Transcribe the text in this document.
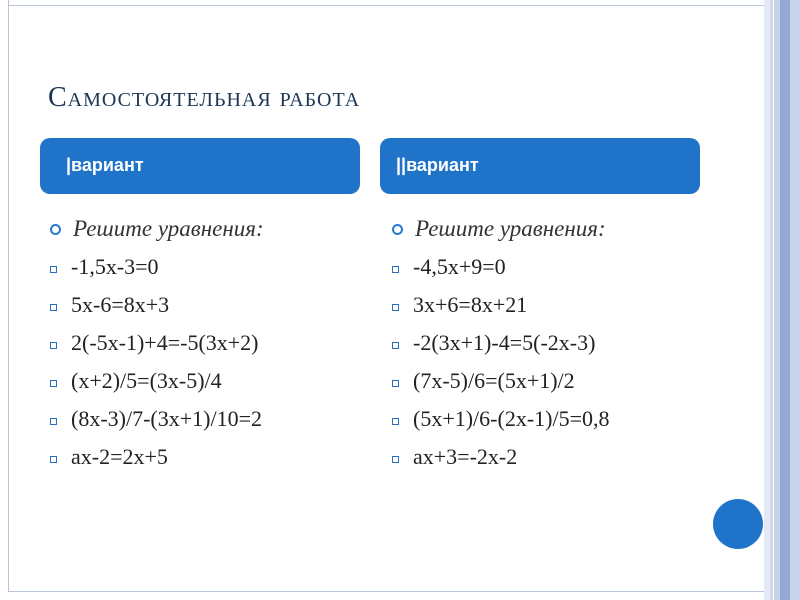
Самостоятельная работа
|вариант	||вариант
Решите уравнения:
-1,5x-3=0
5x-6=8x+3
2(-5x-1)+4=-5(3x+2)
(x+2)/5=(3x-5)/4
(8x-3)/7-(3x+1)/10=2
ax-2=2x+5
Решите уравнения:
-4,5x+9=0
3x+6=8x+21
-2(3x+1)-4=5(-2x-3)
(7x-5)/6=(5x+1)/2
(5x+1)/6-(2x-1)/5=0,8
ax+3=-2x-2
